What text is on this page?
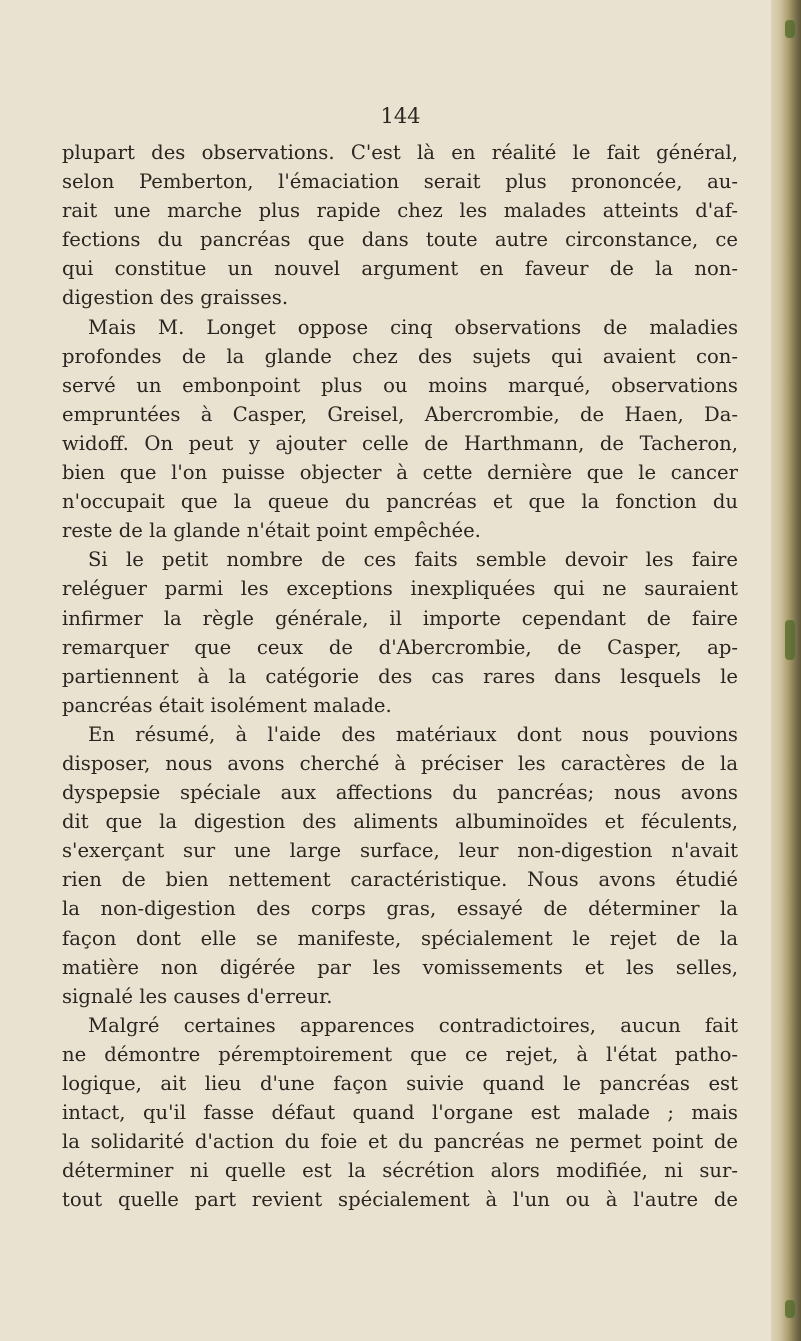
144
plupart des observations. C'est là en réalité le fait général,
selon Pemberton, l'émaciation serait plus prononcée, au-
rait une marche plus rapide chez les malades atteints d'af-
fections du pancréas que dans toute autre circonstance, ce
qui constitue un nouvel argument en faveur de la non-
digestion des graisses.
Mais M. Longet oppose cinq observations de maladies
profondes de la glande chez des sujets qui avaient con-
servé un embonpoint plus ou moins marqué, observations
empruntées à Casper, Greisel, Abercrombie, de Haen, Da-
widoff. On peut y ajouter celle de Harthmann, de Tacheron,
bien que l'on puisse objecter à cette dernière que le cancer
n'occupait que la queue du pancréas et que la fonction du
reste de la glande n'était point empêchée.
Si le petit nombre de ces faits semble devoir les faire
reléguer parmi les exceptions inexpliquées qui ne sauraient
infirmer la règle générale, il importe cependant de faire
remarquer que ceux de d'Abercrombie, de Casper, ap-
partiennent à la catégorie des cas rares dans lesquels le
pancréas était isolément malade.
En résumé, à l'aide des matériaux dont nous pouvions
disposer, nous avons cherché à préciser les caractères de la
dyspepsie spéciale aux affections du pancréas; nous avons
dit que la digestion des aliments albuminoïdes et féculents,
s'exerçant sur une large surface, leur non-digestion n'avait
rien de bien nettement caractéristique. Nous avons étudié
la non-digestion des corps gras, essayé de déterminer la
façon dont elle se manifeste, spécialement le rejet de la
matière non digérée par les vomissements et les selles,
signalé les causes d'erreur.
Malgré certaines apparences contradictoires, aucun fait
ne démontre péremptoirement que ce rejet, à l'état patho-
logique, ait lieu d'une façon suivie quand le pancréas est
intact, qu'il fasse défaut quand l'organe est malade ; mais
la solidarité d'action du foie et du pancréas ne permet point de
déterminer ni quelle est la sécrétion alors modifiée, ni sur-
tout quelle part revient spécialement à l'un ou à l'autre de
